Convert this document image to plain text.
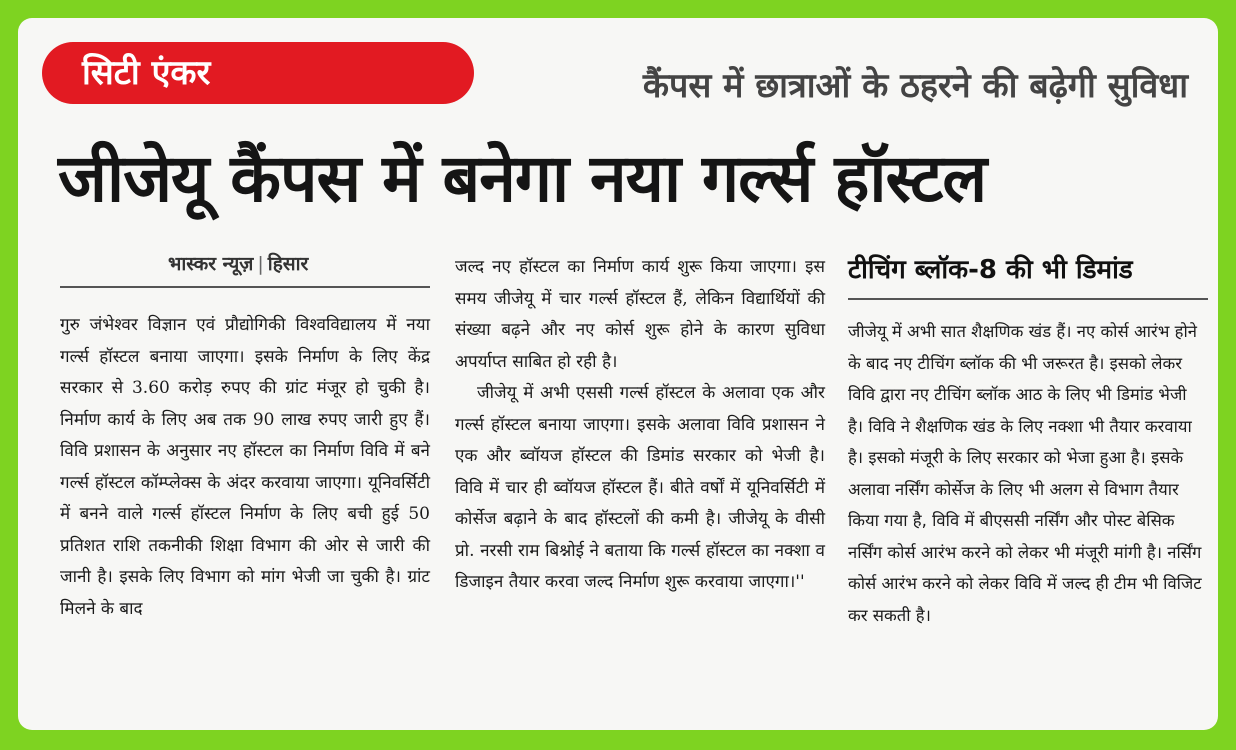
सिटी एंकर	कैंपस में छात्राओं के ठहरने की बढ़ेगी सुविधा
जीजेयू कैंपस में बनेगा नया गर्ल्स हॉस्टल
भास्कर न्यूज़ | हिसार

गुरु जंभेश्वर विज्ञान एवं प्रौद्योगिकी विश्वविद्यालय में नया गर्ल्स हॉस्टल बनाया जाएगा। इसके निर्माण के लिए केंद्र सरकार से 3.60 करोड़ रुपए की ग्रांट मंजूर हो चुकी है। निर्माण कार्य के लिए अब तक 90 लाख रुपए जारी हुए हैं। विवि प्रशासन के अनुसार नए हॉस्टल का निर्माण विवि में बने गर्ल्स हॉस्टल कॉम्प्लेक्स के अंदर करवाया जाएगा। यूनिवर्सिटी में बनने वाले गर्ल्स हॉस्टल निर्माण के लिए बची हुई 50 प्रतिशत राशि तकनीकी शिक्षा विभाग की ओर से जारी की जानी है। इसके लिए विभाग को मांग भेजी जा चुकी है। ग्रांट मिलने के बाद

जल्द नए हॉस्टल का निर्माण कार्य शुरू किया जाएगा। इस समय जीजेयू में चार गर्ल्स हॉस्टल हैं, लेकिन विद्यार्थियों की संख्या बढ़ने और नए कोर्स शुरू होने के कारण सुविधा अपर्याप्त साबित हो रही है।

जीजेयू में अभी एससी गर्ल्स हॉस्टल के अलावा एक और गर्ल्स हॉस्टल बनाया जाएगा। इसके अलावा विवि प्रशासन ने एक और ब्वॉयज हॉस्टल की डिमांड सरकार को भेजी है। विवि में चार ही ब्वॉयज हॉस्टल हैं। बीते वर्षों में यूनिवर्सिटी में कोर्सेज बढ़ाने के बाद हॉस्टलों की कमी है। जीजेयू के वीसी प्रो. नरसी राम बिश्नोई ने बताया कि गर्ल्स हॉस्टल का नक्शा व डिजाइन तैयार करवा जल्द निर्माण शुरू करवाया जाएगा।''

टीचिंग ब्लॉक-8 की भी डिमांड

जीजेयू में अभी सात शैक्षणिक खंड हैं। नए कोर्स आरंभ होने के बाद नए टीचिंग ब्लॉक की भी जरूरत है। इसको लेकर विवि द्वारा नए टीचिंग ब्लॉक आठ के लिए भी डिमांड भेजी है। विवि ने शैक्षणिक खंड के लिए नक्शा भी तैयार करवाया है। इसको मंजूरी के लिए सरकार को भेजा हुआ है। इसके अलावा नर्सिंग कोर्सेज के लिए भी अलग से विभाग तैयार किया गया है, विवि में बीएससी नर्सिंग और पोस्ट बेसिक नर्सिंग कोर्स आरंभ करने को लेकर भी मंजूरी मांगी है। नर्सिंग कोर्स आरंभ करने को लेकर विवि में जल्द ही टीम भी विजिट कर सकती है।
